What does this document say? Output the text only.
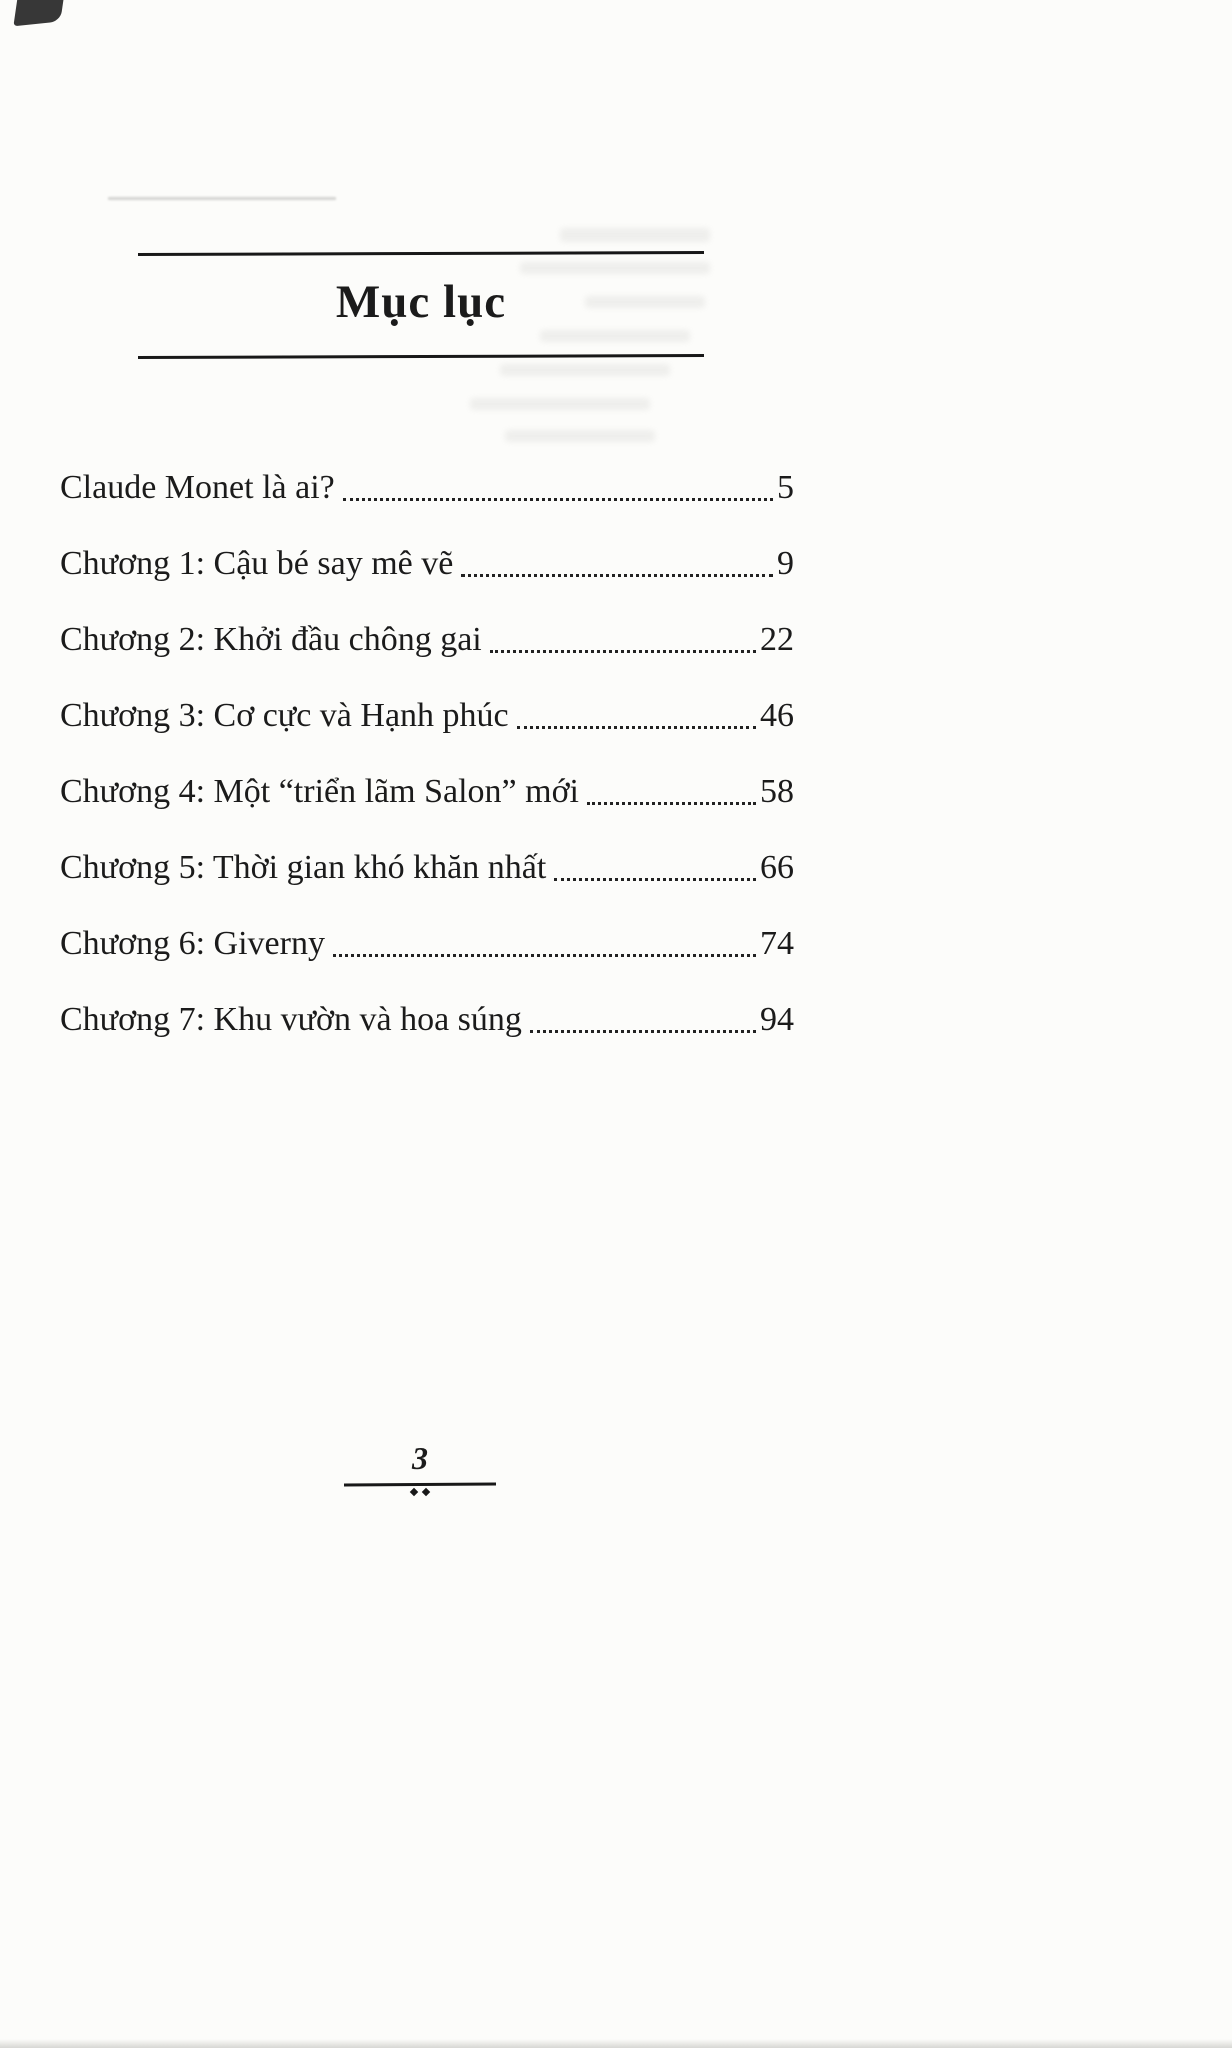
Mục lục
Claude Monet là ai?	5
Chương 1: Cậu bé say mê vẽ	9
Chương 2: Khởi đầu chông gai	22
Chương 3: Cơ cực và Hạnh phúc	46
Chương 4: Một “triển lãm Salon” mới	58
Chương 5: Thời gian khó khăn nhất	66
Chương 6: Giverny	74
Chương 7: Khu vườn và hoa súng	94
3
